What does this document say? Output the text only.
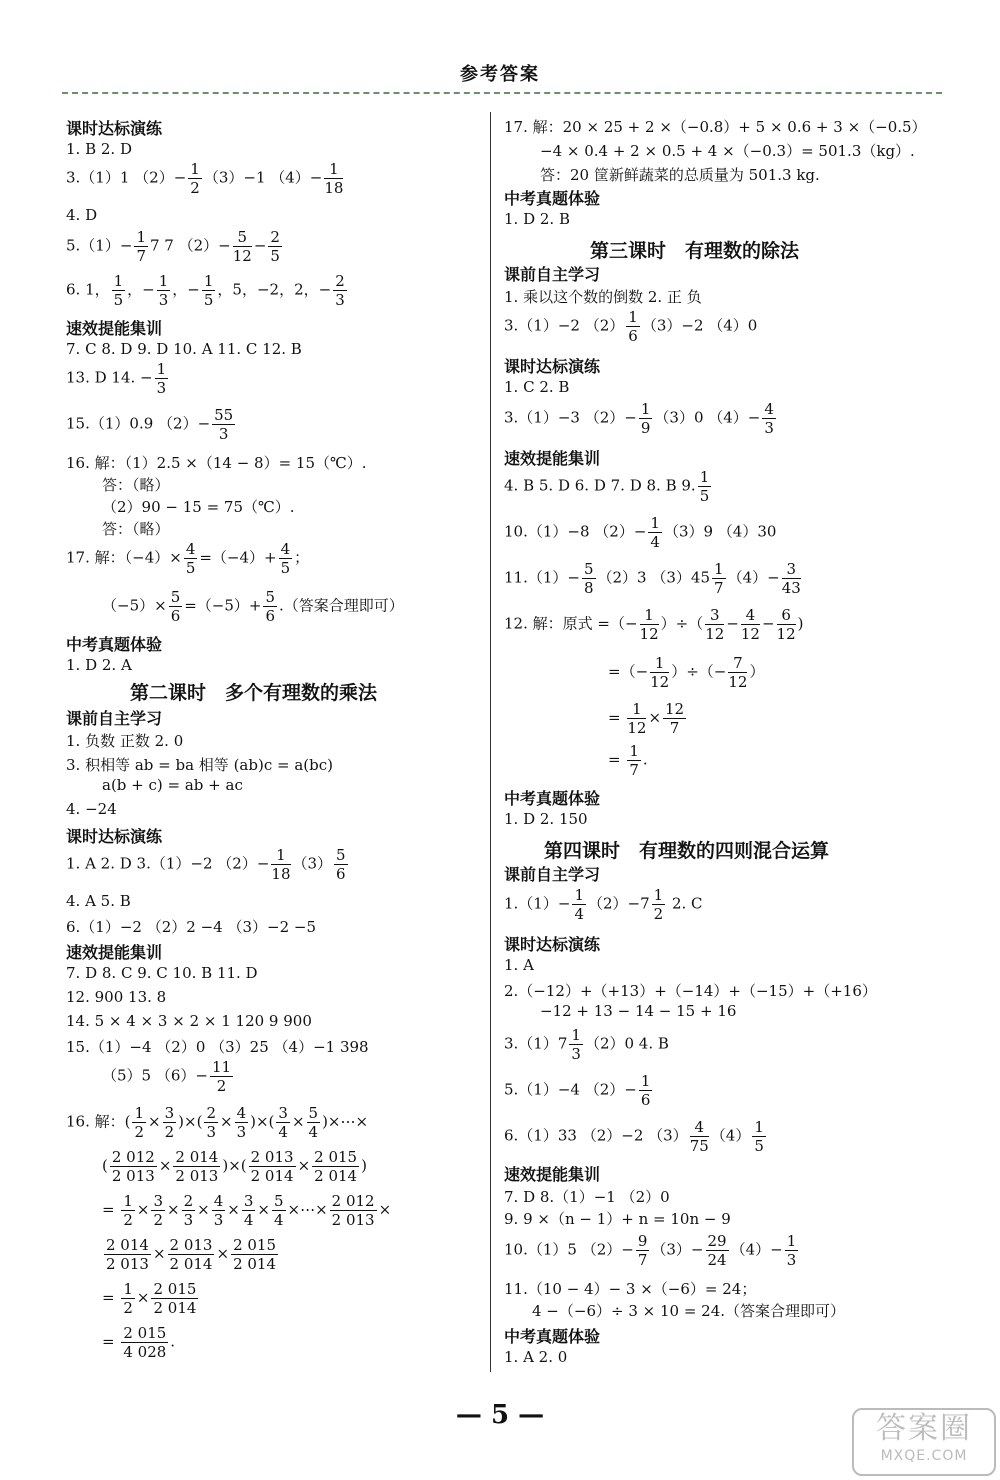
参考答案
课时达标演练
1. B 2. D
3.（1）1 $(2)- \frac{1}{2} (3)-1$ $(4)- \frac{1}{18}$
4. D
$5.(1)- \frac{1}{7} 7$ 7 $(2)- \frac{5}{12} - \frac{2}{5}$
6. 1， $\frac{1}{5}$ ，− $\frac{1}{3}$ ，− $\frac{1}{5}$ ，5，−2，2，− $\frac{2}{3}$
速效提能集训
7. C 8. D 9. D 10. A 11. C 12. B
13. D 14. − $\frac{1}{3}$
15.（1）0.9 $(2)- \frac{55}{3}$
16. 解：（1）2.5 ×（14 − 8）= 15（℃）.
答：（略）
（2）90 − 15 = 75（℃）.
答：（略）
17. 解：$(-4)\times \frac{4}{5} =(-4)+ \frac{4}{5}$ ；
$(-5)\times \frac{5}{6} =(-5)+ \frac{5}{6}$ .（答案合理即可）
中考真题体验
1. D 2. A
第二课时　多个有理数的乘法
课前自主学习
1. 负数 正数 2. 0
3. 积相等 ab = ba 相等 (ab)c = a(bc)
a(b + c) = ab + ac
4. −24
课时达标演练
1. A 2. D 3.（1）−2 $(2)- \frac{1}{18} (3) \frac{5}{6}$
4. A 5. B
6.（1）−2 （2）2 −4 （3）−2 −5
速效提能集训
7. D 8. C 9. C 10. B 11. D
12. 900 13. 8
14. 5 × 4 × 3 × 2 × 1 120 9 900
15.（1）−4 （2）0 （3）25 （4）−1 398
（5）5 $(6)- \frac{11}{2}$
16. 解：( $\frac{1}{2} \times \frac{3}{2}$ )×( $\frac{2}{3} \times \frac{4}{3}$ )×( $\frac{3}{4} \times \frac{5}{4}$ )×⋯×
( $\frac{2 012}{2 013} \times \frac{2 014}{2 013}$ )×( $\frac{2 013}{2 014} \times \frac{2 015}{2 014}$ )
= $\frac{1}{2} \times \frac{3}{2} \times \frac{2}{3} \times \frac{4}{3} \times \frac{3}{4} \times \frac{5}{4}$ ×⋯× $\frac{2 012}{2 013}$ ×
$\frac{2 014}{2 013} \times \frac{2 013}{2 014} \times \frac{2 015}{2 014}$
= $\frac{1}{2} \times \frac{2 015}{2 014}$
= $\frac{2 015}{4 028}$ .
17. 解：20 × 25 + 2 ×（−0.8）+ 5 × 0.6 + 3 ×（−0.5）
−4 × 0.4 + 2 × 0.5 + 4 ×（−0.3）= 501.3（kg）.
答：20 筐新鲜蔬菜的总质量为 501.3 kg.
中考真题体验
1. D 2. B
第三课时　有理数的除法
课前自主学习
1. 乘以这个数的倒数 2. 正 负
3.（1）−2 $(2) \frac{1}{6} (3)-2$ （4）0
课时达标演练
1. C 2. B
3.（1）−3 $(2)- \frac{1}{9} (3)0$ $(4)- \frac{4}{3}$
速效提能集训
4. B 5. D 6. D 7. D 8. B 9. $\frac{1}{5}$
10.（1）−8 $(2)- \frac{1}{4} (3)9$ （4）30
$11.(1)- \frac{5}{8} (2)3$ $(3)45 \frac{1}{7} (4)- \frac{3}{43}$
12. 解：原式 =（− $\frac{1}{12}$ ）÷（ $\frac{3}{12} - \frac{4}{12} - \frac{6}{12}$ )
=（− $\frac{1}{12}$ ）÷（− $\frac{7}{12}$ ）
= $\frac{1}{12} \times \frac{12}{7}$
= $\frac{1}{7}$ .
中考真题体验
1. D 2. 150
第四课时　有理数的四则混合运算
课前自主学习
$1.(1)- \frac{1}{4} (2)-7 \frac{1}{2} 2$. C
课时达标演练
1. A
2.（−12）+（+13）+（−14）+（−15）+（+16）
−12 + 13 − 14 − 15 + 16
$3.(1)7 \frac{1}{3} (2)0$ 4. B
5.（1）−4 $(2)- \frac{1}{6}$
6.（1）33 （2）−2 $(3) \frac{4}{75} (4) \frac{1}{5}$
速效提能集训
7. D 8.（1）−1 （2）0
9. 9 ×（n − 1）+ n = 10n − 9
10.（1）5 $(2)- \frac{9}{7} (3)- \frac{29}{24} (4)- \frac{1}{3}$
11.（10 − 4）− 3 ×（−6）= 24；
4 −（−6）÷ 3 × 10 = 24.（答案合理即可）
中考真题体验
1. A 2. 0
— 5 —	答案圈
MXQE.COM
